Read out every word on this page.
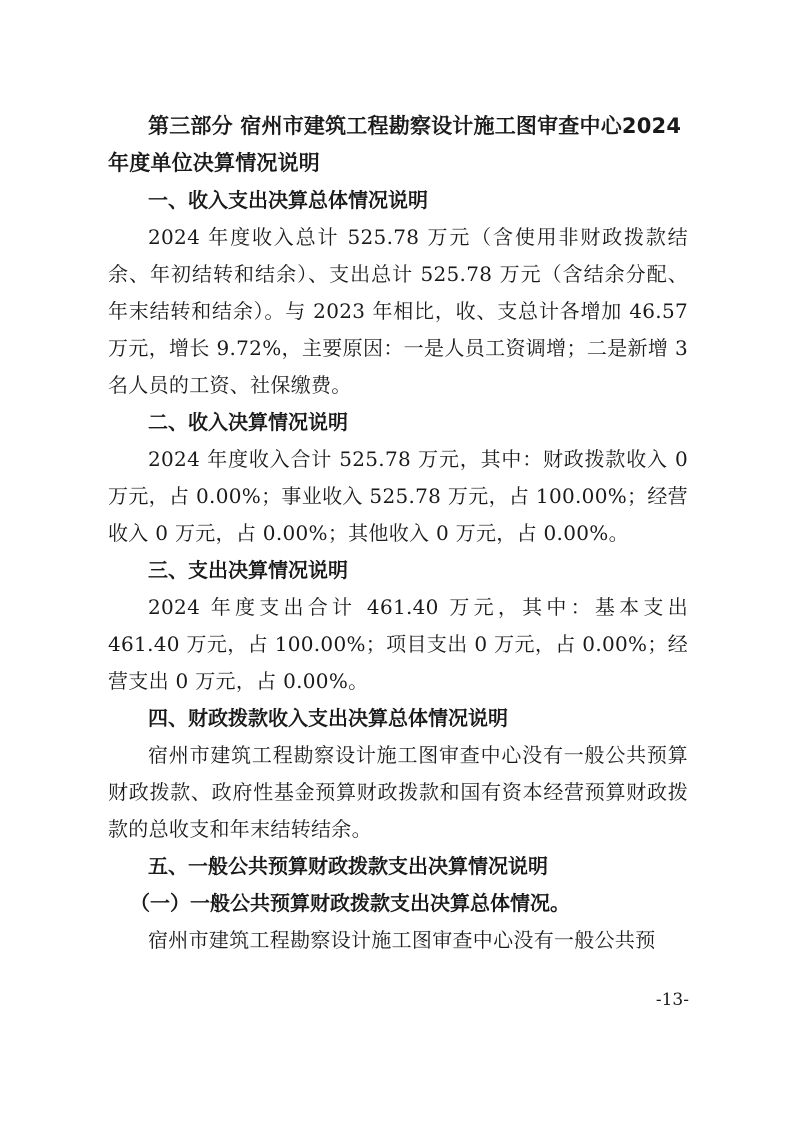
第三部分 宿州市建筑工程勘察设计施工图审查中心2024年度单位决算情况说明

一、收入支出决算总体情况说明

2024 年度收入总计 525.78 万元（含使用非财政拨款结余、年初结转和结余）、支出总计 525.78 万元（含结余分配、年末结转和结余）。与 2023 年相比，收、支总计各增加 46.57 万元，增长 9.72%，主要原因：一是人员工资调增；二是新增 3 名人员的工资、社保缴费。

二、收入决算情况说明

2024 年度收入合计 525.78 万元，其中：财政拨款收入 0 万元，占 0.00%；事业收入 525.78 万元，占 100.00%；经营收入 0 万元，占 0.00%；其他收入 0 万元，占 0.00%。

三、支出决算情况说明

2024 年度支出合计 461.40 万元，其中：基本支出 461.40 万元，占 100.00%；项目支出 0 万元，占 0.00%；经营支出 0 万元，占 0.00%。

四、财政拨款收入支出决算总体情况说明

宿州市建筑工程勘察设计施工图审查中心没有一般公共预算财政拨款、政府性基金预算财政拨款和国有资本经营预算财政拨款的总收支和年末结转结余。

五、一般公共预算财政拨款支出决算情况说明

（一）一般公共预算财政拨款支出决算总体情况。

宿州市建筑工程勘察设计施工图审查中心没有一般公共预

-13-
